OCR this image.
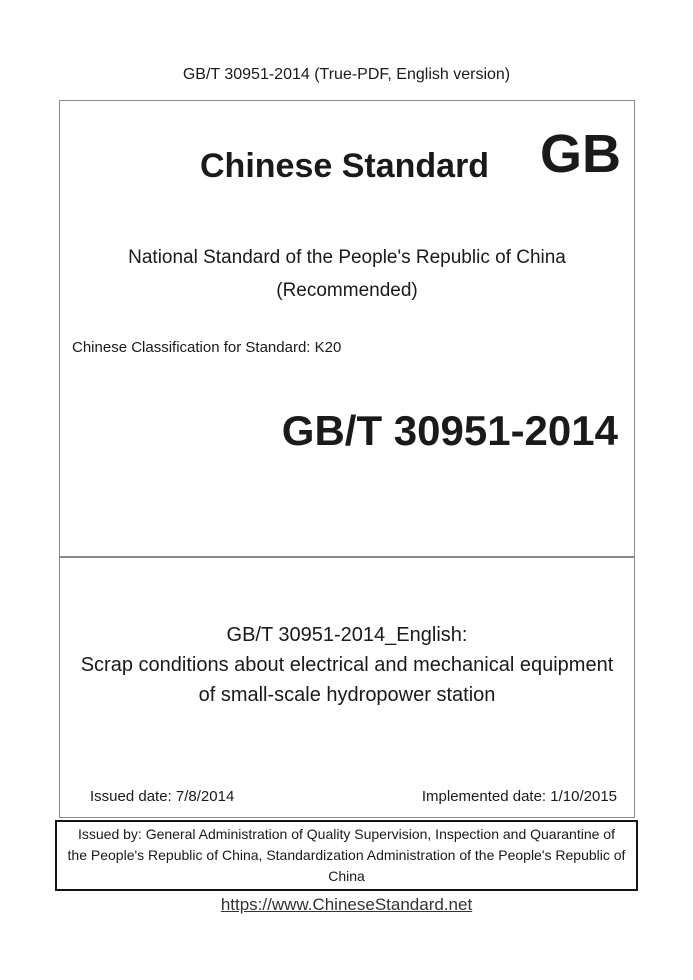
GB/T 30951-2014 (True-PDF, English version)
Chinese Standard GB
National Standard of the People's Republic of China
(Recommended)
Chinese Classification for Standard: K20
GB/T 30951-2014
GB/T 30951-2014_English:
Scrap conditions about electrical and mechanical equipment
of small-scale hydropower station
Issued date: 7/8/2014	Implemented date: 1/10/2015
Issued by: General Administration of Quality Supervision, Inspection and Quarantine of
the People's Republic of China, Standardization Administration of the People's Republic of
China
https://www.ChineseStandard.net
